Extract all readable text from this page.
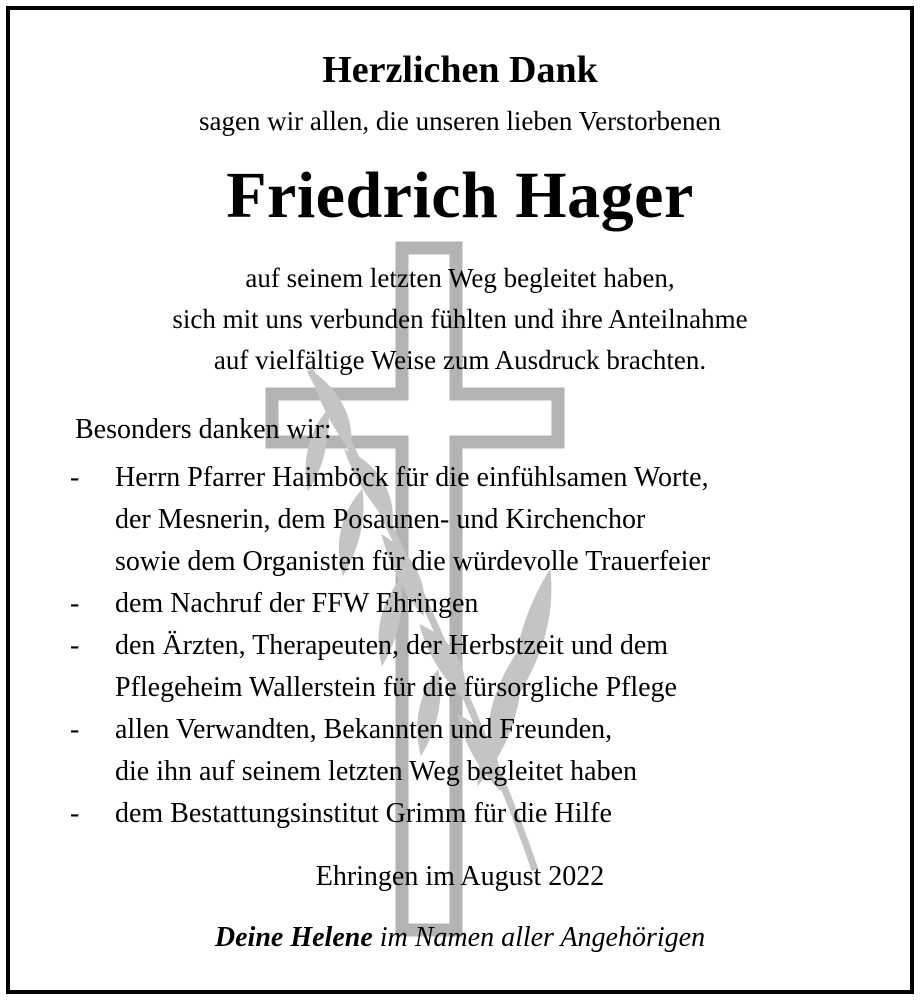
Herzlichen Dank
sagen wir allen, die unseren lieben Verstorbenen
Friedrich Hager
auf seinem letzten Weg begleitet haben,
sich mit uns verbunden fühlten und ihre Anteilnahme
auf vielfältige Weise zum Ausdruck brachten.
Besonders danken wir:
- Herrn Pfarrer Haimböck für die einfühlsamen Worte,
der Mesnerin, dem Posaunen- und Kirchenchor
sowie dem Organisten für die würdevolle Trauerfeier
- dem Nachruf der FFW Ehringen
- den Ärzten, Therapeuten, der Herbstzeit und dem
Pflegeheim Wallerstein für die fürsorgliche Pflege
- allen Verwandten, Bekannten und Freunden,
die ihn auf seinem letzten Weg begleitet haben
- dem Bestattungsinstitut Grimm für die Hilfe
Ehringen im August 2022
Deine Helene im Namen aller Angehörigen
